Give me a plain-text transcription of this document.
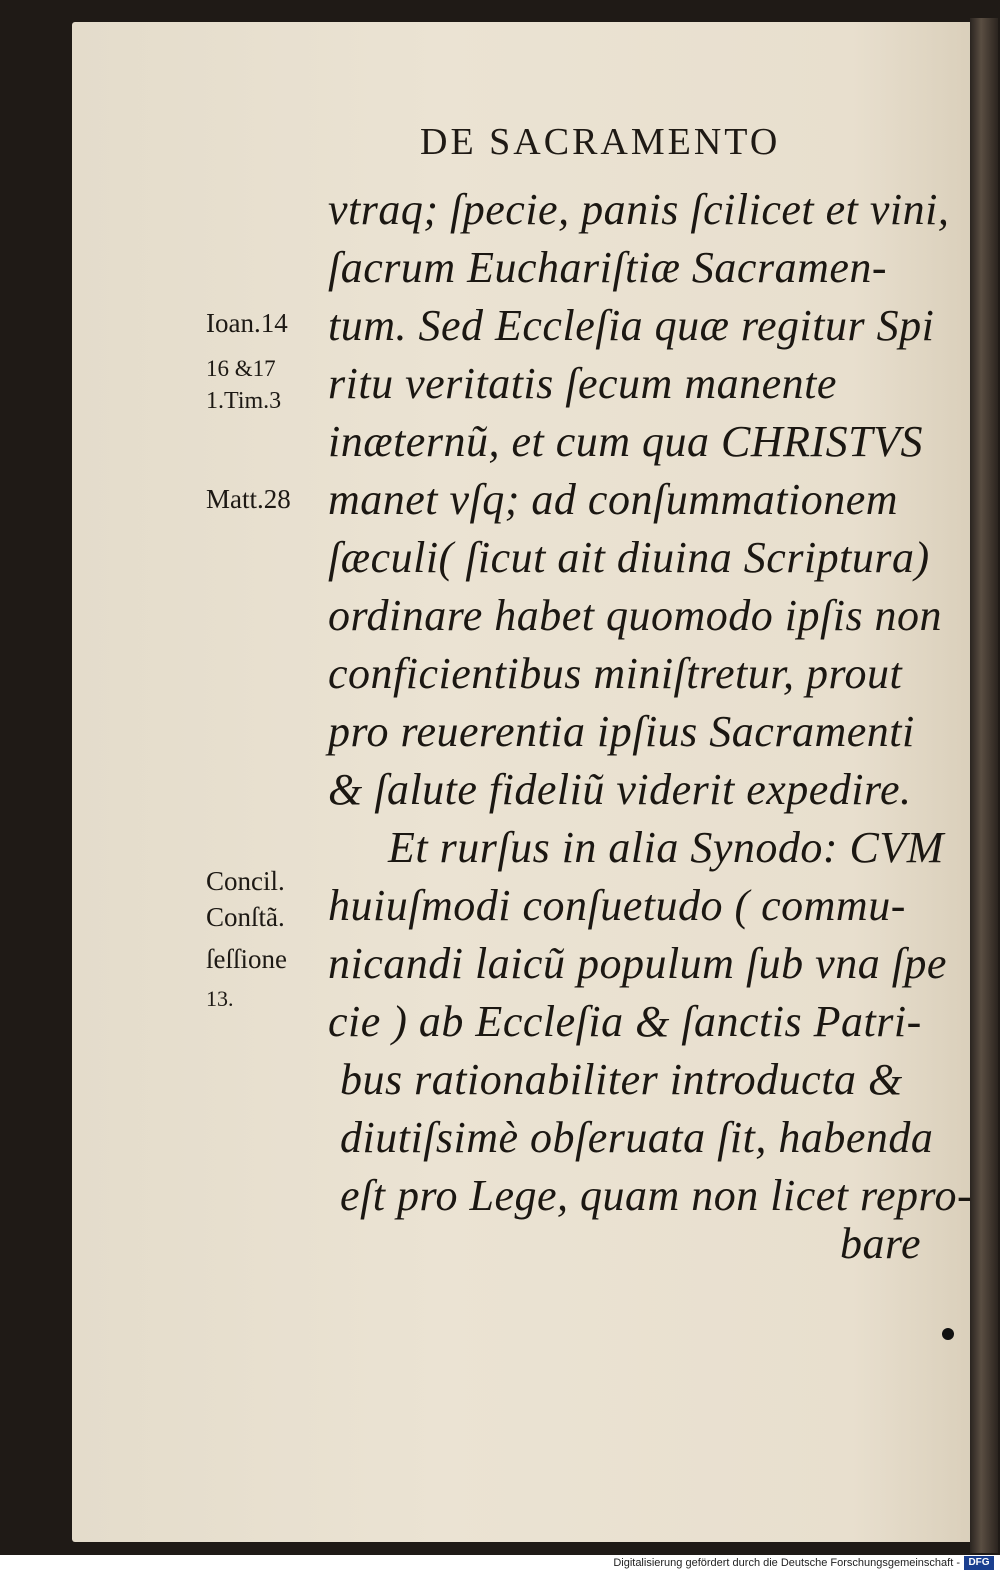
DE SACRAMENTO
vtraq; ſpecie, panis ſcilicet et vini,
ſacrum Euchariſtiæ Sacramen-
tum. Sed Eccleſia quæ regitur Spi
ritu veritatis ſecum manente
inæternũ, et cum qua CHRISTVS
manet vſq; ad conſummationem
ſæculi( ſicut ait diuina Scriptura)
ordinare habet quomodo ipſis non
conficientibus miniſtretur, prout
pro reuerentia ipſius Sacramenti
& ſalute fideliũ viderit expedire.
Et rurſus in alia Synodo: CVM
huiuſmodi conſuetudo ( commu-
nicandi laicũ populum ſub vna ſpe
cie ) ab Eccleſia & ſanctis Patri-
bus rationabiliter introducta &
diutiſsimè obſeruata ſit, habenda
eſt pro Lege, quam non licet repro-
bare
Ioan.14
16 &17
1.Tim.3
Matt.28
Concil.
Conſtã.
ſeſſione
13.
Digitalisierung gefördert durch die Deutsche Forschungsgemeinschaft - DFG
